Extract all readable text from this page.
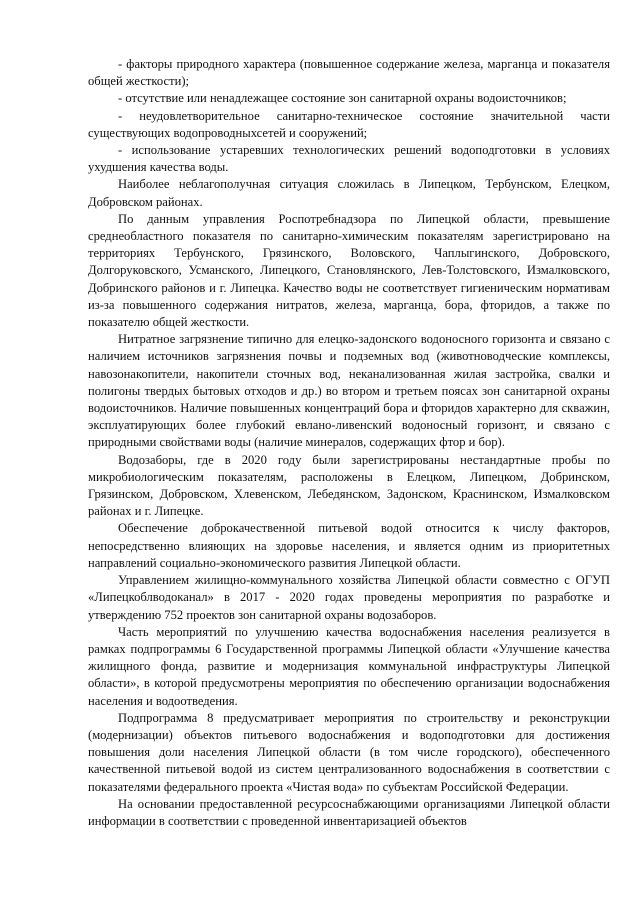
- факторы природного характера (повышенное содержание железа, марганца и показателя общей жесткости);

- отсутствие или ненадлежащее состояние зон санитарной охраны водоисточников;

- неудовлетворительное санитарно-техническое состояние значительной части существующих водопроводныхсетей и сооружений;

- использование устаревших технологических решений водоподготовки в условиях ухудшения качества воды.

Наиболее неблагополучная ситуация сложилась в Липецком, Тербунском, Елецком, Добровском районах.

По данным управления Роспотребнадзора по Липецкой области, превышение среднеобластного показателя по санитарно-химическим показателям зарегистрировано на территориях Тербунского, Грязинского, Воловского, Чаплыгинского, Добровского, Долгоруковского, Усманского, Липецкого, Становлянского, Лев-Толстовского, Измалковского, Добринского районов и г. Липецка. Качество воды не соответствует гигиеническим нормативам из-за повышенного содержания нитратов, железа, марганца, бора, фторидов, а также по показателю общей жесткости.

Нитратное загрязнение типично для елецко-задонского водоносного горизонта и связано с наличием источников загрязнения почвы и подземных вод (животноводческие комплексы, навозонакопители, накопители сточных вод, неканализованная жилая застройка, свалки и полигоны твердых бытовых отходов и др.) во втором и третьем поясах зон санитарной охраны водоисточников. Наличие повышенных концентраций бора и фторидов характерно для скважин, эксплуатирующих более глубокий евлано-ливенский водоносный горизонт, и связано с природными свойствами воды (наличие минералов, содержащих фтор и бор).

Водозаборы, где в 2020 году были зарегистрированы нестандартные пробы по микробиологическим показателям, расположены в Елецком, Липецком, Добринском, Грязинском, Добровском, Хлевенском, Лебедянском, Задонском, Краснинском, Измалковском районах и г. Липецке.

Обеспечение доброкачественной питьевой водой относится к числу факторов, непосредственно влияющих на здоровье населения, и является одним из приоритетных направлений социально-экономического развития Липецкой области.

Управлением жилищно-коммунального хозяйства Липецкой области совместно с ОГУП «Липецкоблводоканал» в 2017 - 2020 годах проведены мероприятия по разработке и утверждению 752 проектов зон санитарной охраны водозаборов.

Часть мероприятий по улучшению качества водоснабжения населения реализуется в рамках подпрограммы 6 Государственной программы Липецкой области «Улучшение качества жилищного фонда, развитие и модернизация коммунальной инфраструктуры Липецкой области», в которой предусмотрены мероприятия по обеспечению организации водоснабжения населения и водоотведения.

Подпрограмма 8 предусматривает мероприятия по строительству и реконструкции (модернизации) объектов питьевого водоснабжения и водоподготовки для достижения повышения доли населения Липецкой области (в том числе городского), обеспеченного качественной питьевой водой из систем централизованного водоснабжения в соответствии с показателями федерального проекта «Чистая вода» по субъектам Российской Федерации.

На основании предоставленной ресурсоснабжающими организациями Липецкой области информации в соответствии с проведенной инвентаризацией объектов
